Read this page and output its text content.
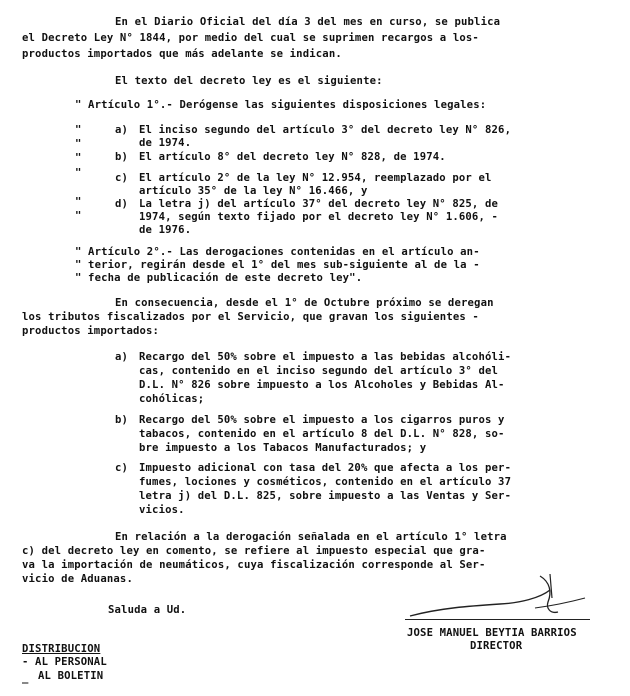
En el Diario Oficial del día 3 del mes en curso, se publica
el Decreto Ley N° 1844, por medio del cual se suprimen recargos a los-
productos importados que más adelante se indican.
El texto del decreto ley es el siguiente:
" Artículo 1°.- Derógense las siguientes disposiciones legales:
"
"
"
"
"
"
a) El inciso segundo del artículo 3° del decreto ley N° 826,
de 1974.
b) El artículo 8° del decreto ley N° 828, de 1974.
c) El artículo 2° de la ley N° 12.954, reemplazado por el
artículo 35° de la ley N° 16.466, y
d) La letra j) del artículo 37° del decreto ley N° 825, de
1974, según texto fijado por el decreto ley N° 1.606, -
de 1976.
" Artículo 2°.- Las derogaciones contenidas en el artículo an-
" terior, regirán desde el 1° del mes sub-siguiente al de la -
" fecha de publicación de este decreto ley".
En consecuencia, desde el 1° de Octubre próximo se deregan
los tributos fiscalizados por el Servicio, que gravan los siguientes -
productos importados:
a) Recargo del 50% sobre el impuesto a las bebidas alcohóli-
cas, contenido en el inciso segundo del artículo 3° del
D.L. N° 826 sobre impuesto a los Alcoholes y Bebidas Al-
cohólicas;
b) Recargo del 50% sobre el impuesto a los cigarros puros y
tabacos, contenido en el artículo 8 del D.L. N° 828, so-
bre impuesto a los Tabacos Manufacturados; y
c) Impuesto adicional con tasa del 20% que afecta a los per-
fumes, lociones y cosméticos, contenido en el artículo 37
letra j) del D.L. 825, sobre impuesto a las Ventas y Ser-
vicios.
En relación a la derogación señalada en el artículo 1° letra
c) del decreto ley en comento, se refiere al impuesto especial que gra-
va la importación de neumáticos, cuya fiscalización corresponde al Ser-
vicio de Aduanas.
Saluda a Ud.
JOSE MANUEL BEYTIA BARRIOS
DIRECTOR
DISTRIBUCION
- AL PERSONAL
AL BOLETIN
_
